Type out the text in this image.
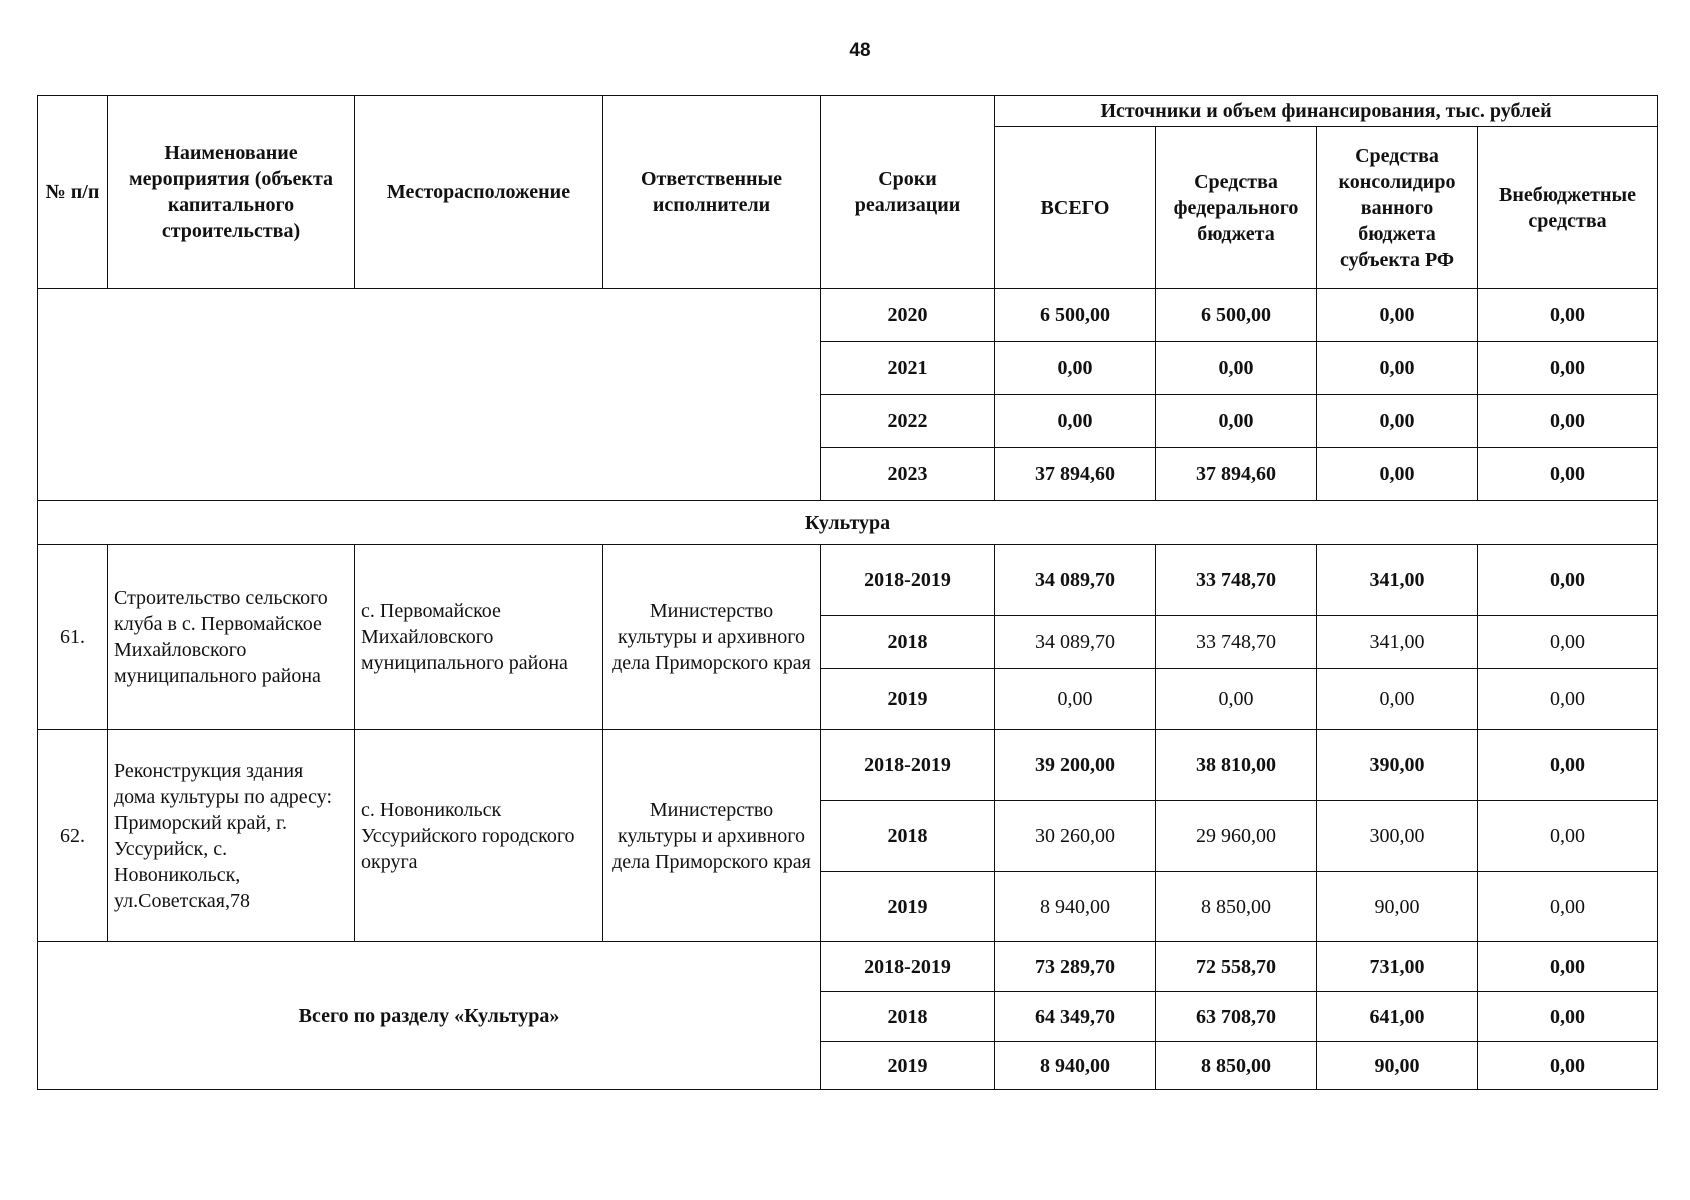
48
№ п/п	Наименование мероприятия (объекта капитального строительства)	Месторасположение	Ответственные исполнители	Сроки реализации	Источники и объем финансирования, тыс. рублей			
					ВСЕГО	Средства федерального бюджета	Средства консолидиро ванного бюджета субъекта РФ	Внебюджетные средства
				2020	6 500,00	6 500,00	0,00	0,00
				2021	0,00	0,00	0,00	0,00
				2022	0,00	0,00	0,00	0,00
				2023	37 894,60	37 894,60	0,00	0,00
Культура								
61.	Строительство сельского клуба в с. Первомайское Михайловского муниципального района	с. Первомайское Михайловского муниципального района	Министерство культуры и архивного дела Приморского края	2018-2019	34 089,70	33 748,70	341,00	0,00
				2018	34 089,70	33 748,70	341,00	0,00
				2019	0,00	0,00	0,00	0,00
62.	Реконструкция здания дома культуры по адресу: Приморский край, г. Уссурийск, с. Новоникольск, ул.Советская,78	с. Новоникольск Уссурийского городского округа	Министерство культуры и архивного дела Приморского края	2018-2019	39 200,00	38 810,00	390,00	0,00
				2018	30 260,00	29 960,00	300,00	0,00
				2019	8 940,00	8 850,00	90,00	0,00
Всего по разделу «Культура»				2018-2019	73 289,70	72 558,70	731,00	0,00
				2018	64 349,70	63 708,70	641,00	0,00
				2019	8 940,00	8 850,00	90,00	0,00
